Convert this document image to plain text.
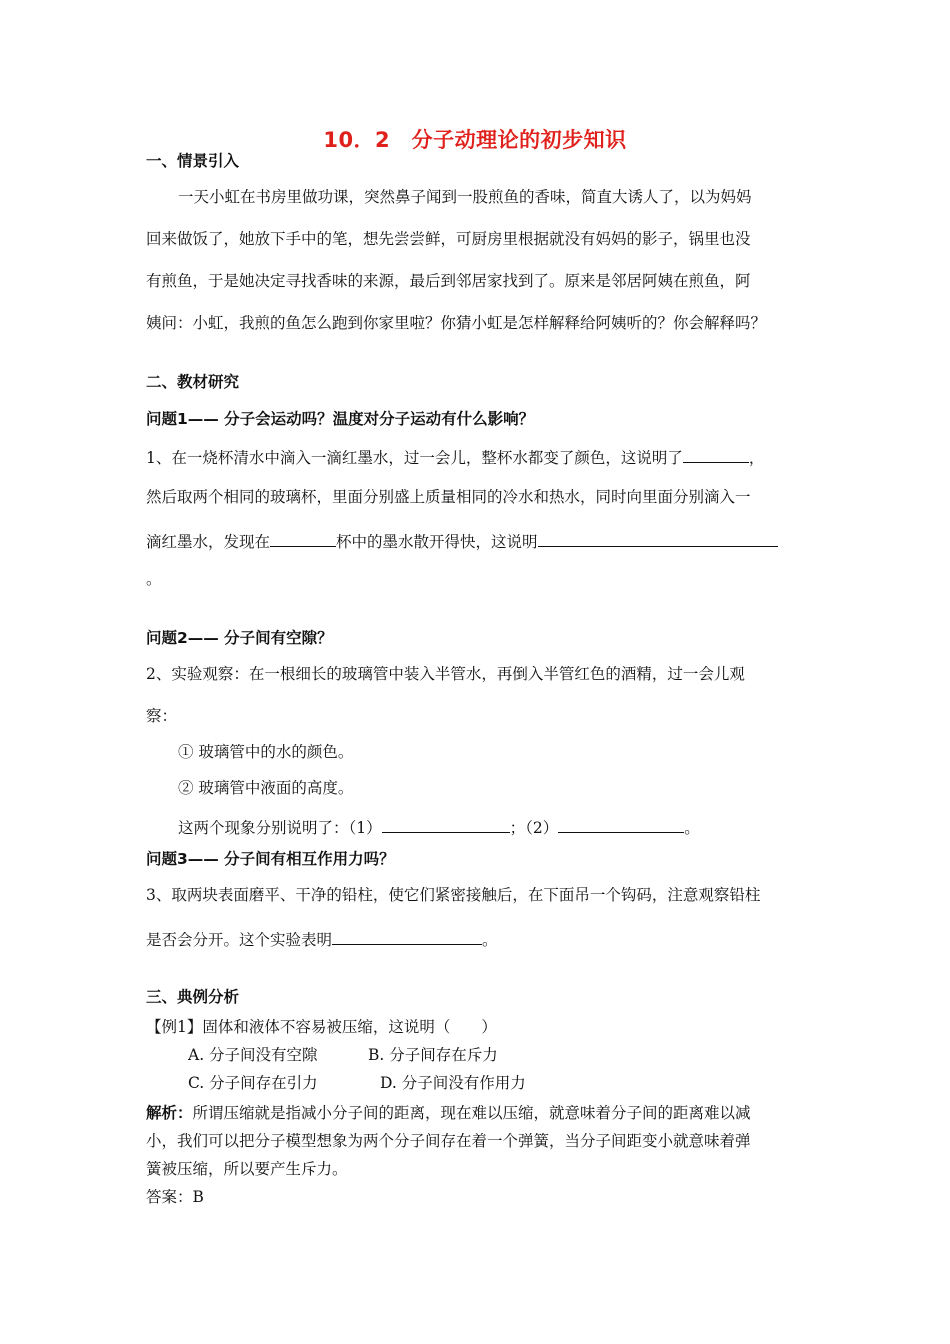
10．2　分子动理论的初步知识
一、情景引入
一天小虹在书房里做功课，突然鼻子闻到一股煎鱼的香味，简直大诱人了，以为妈妈
回来做饭了，她放下手中的笔，想先尝尝鲜，可厨房里根据就没有妈妈的影子，锅里也没
有煎鱼，于是她决定寻找香味的来源，最后到邻居家找到了。原来是邻居阿姨在煎鱼，阿
姨问：小虹，我煎的鱼怎么跑到你家里啦？你猜小虹是怎样解释给阿姨听的？你会解释吗？
二、教材研究
问题1—— 分子会运动吗？温度对分子运动有什么影响？
1、在一烧杯清水中滴入一滴红墨水，过一会儿，整杯水都变了颜色，这说明了	，
然后取两个相同的玻璃杯，里面分别盛上质量相同的冷水和热水，同时向里面分别滴入一
滴红墨水，发现在	杯中的墨水散开得快，这说明
。
问题2—— 分子间有空隙？
2、实验观察：在一根细长的玻璃管中装入半管水，再倒入半管红色的酒精，过一会儿观
察：
① 玻璃管中的水的颜色。
② 玻璃管中液面的高度。
这两个现象分别说明了：（1）	；（2）	。
问题3—— 分子间有相互作用力吗？
3、取两块表面磨平、干净的铅柱，使它们紧密接触后，在下面吊一个钩码，注意观察铅柱
是否会分开。这个实验表明	。
三、典例分析
【例1】固体和液体不容易被压缩，这说明（　　）
A. 分子间没有空隙	B. 分子间存在斥力
C. 分子间存在引力	D. 分子间没有作用力
解析：所谓压缩就是指减小分子间的距离，现在难以压缩，就意味着分子间的距离难以减
小，我们可以把分子模型想象为两个分子间存在着一个弹簧，当分子间距变小就意味着弹
簧被压缩，所以要产生斥力。
答案：B
